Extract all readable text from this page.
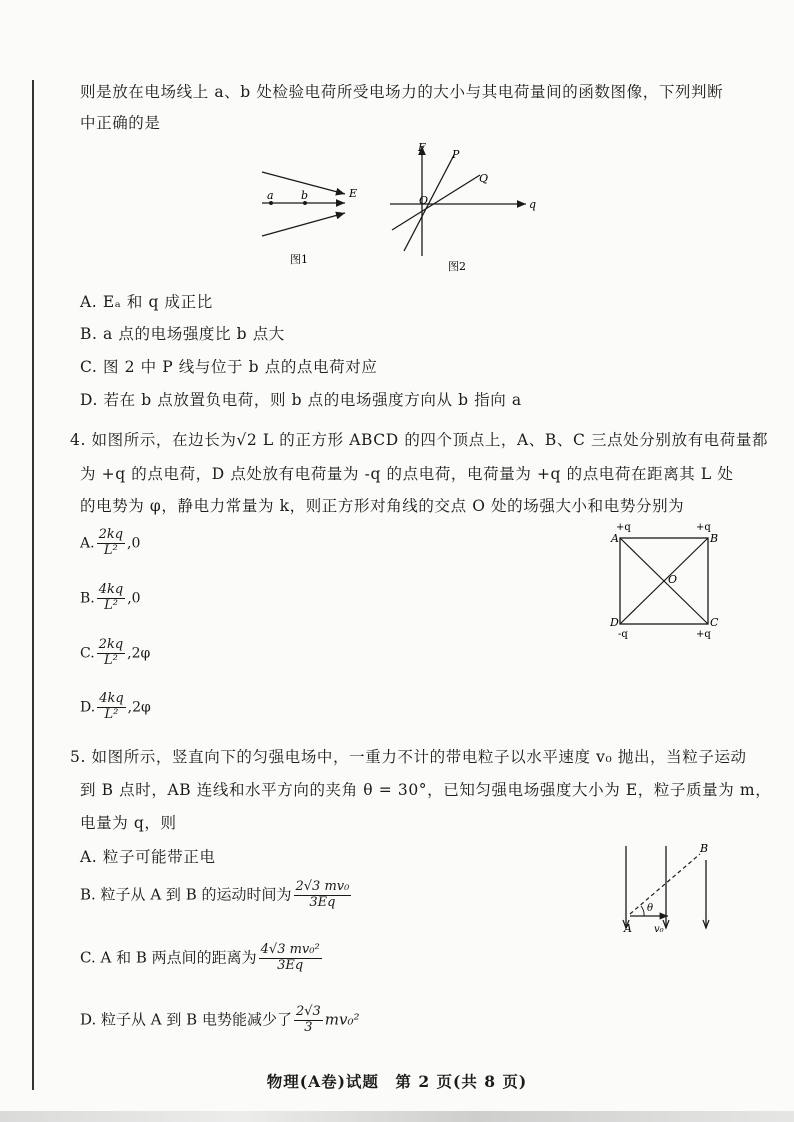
则是放在电场线上 a、b 处检验电荷所受电场力的大小与其电荷量间的函数图像，下列判断
中正确的是
a b	E
图1
F
P
Q
O	q
图2
A. Eₐ 和 q 成正比
B. a 点的电场强度比 b 点大
C. 图 2 中 P 线与位于 b 点的点电荷对应
D. 若在 b 点放置负电荷，则 b 点的电场强度方向从 b 指向 a
4. 如图所示，在边长为√2 L 的正方形 ABCD 的四个顶点上，A、B、C 三点处分别放有电荷量都
为 +q 的点电荷，D 点处放有电荷量为 -q 的点电荷，电荷量为 +q 的点电荷在距离其 L 处
的电势为 φ，静电力常量为 k，则正方形对角线的交点 O 处的场强大小和电势分别为
A. $\frac{2kq}{\text{L²}} ,0$
B. $\frac{4kq}{\text{L²}} ,0$
C. $\frac{2kq}{\text{L²}} ,2\varphi$
D. $\frac{4kq}{\text{L²}} ,2\varphi$
+q	+q
A	B
O
D	C
-q	+q
5. 如图所示，竖直向下的匀强电场中，一重力不计的带电粒子以水平速度 v₀ 抛出，当粒子运动
到 B 点时，AB 连线和水平方向的夹角 θ = 30°，已知匀强电场强度大小为 E，粒子质量为 m，
电量为 q，则
A. 粒子可能带正电
B. 粒子从 A 到 B 的运动时间为 $\frac{\text{2√3 mv₀}}{3Eq}$
C. A 和 B 两点间的距离为 $\frac{\text{4√3 mv₀²}}{3Eq}$
D. 粒子从 A 到 B 电势能减少了 $\frac{2√3}{3} mv_0^2$
θ
B
A v₀
物理(A卷)试题　第 2 页(共 8 页)
